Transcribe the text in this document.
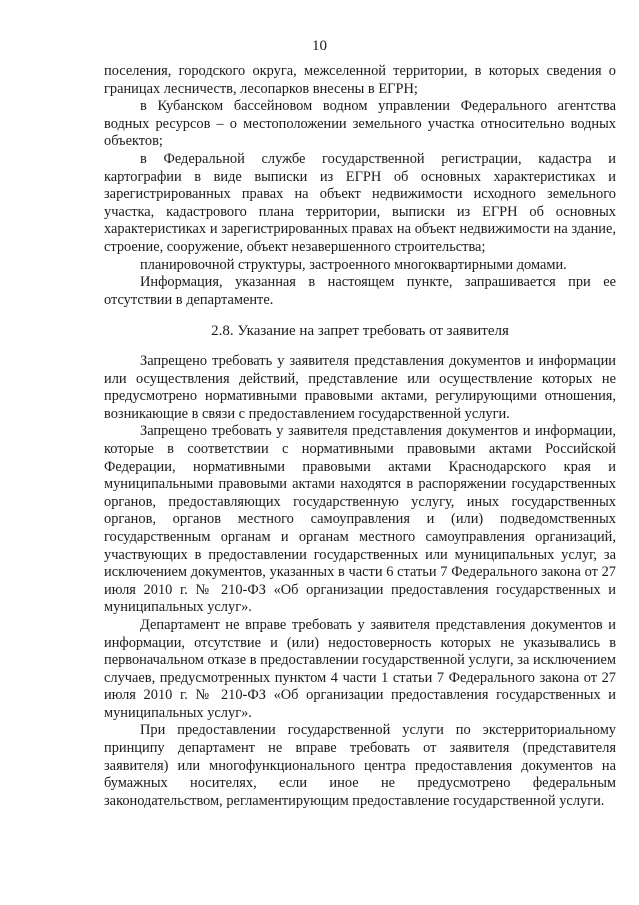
10

поселения, городского округа, межселенной территории, в которых сведения о границах лесничеств, лесопарков внесены в ЕГРН;

в Кубанском бассейновом водном управлении Федерального агентства водных ресурсов – о местоположении земельного участка относительно водных объектов;

в Федеральной службе государственной регистрации, кадастра и картографии в виде выписки из ЕГРН об основных характеристиках и зарегистрированных правах на объект недвижимости исходного земельного участка, кадастрового плана территории, выписки из ЕГРН об основных характеристиках и зарегистрированных правах на объект недвижимости на здание, строение, сооружение, объект незавершенного строительства;

планировочной структуры, застроенного многоквартирными домами.

Информация, указанная в настоящем пункте, запрашивается при ее отсутствии в департаменте.

2.8. Указание на запрет требовать от заявителя

Запрещено требовать у заявителя представления документов и информации или осуществления действий, представление или осуществление которых не предусмотрено нормативными правовыми актами, регулирующими отношения, возникающие в связи с предоставлением государственной услуги.

Запрещено требовать у заявителя представления документов и информации, которые в соответствии с нормативными правовыми актами Российской Федерации, нормативными правовыми актами Краснодарского края и муниципальными правовыми актами находятся в распоряжении государственных органов, предоставляющих государственную услугу, иных государственных органов, органов местного самоуправления и (или) подведомственных государственным органам и органам местного самоуправления организаций, участвующих в предоставлении государственных или муниципальных услуг, за исключением документов, указанных в части 6 статьи 7 Федерального закона от 27 июля 2010 г. № 210-ФЗ «Об организации предоставления государственных и муниципальных услуг».

Департамент не вправе требовать у заявителя представления документов и информации, отсутствие и (или) недостоверность которых не указывались в первоначальном отказе в предоставлении государственной услуги, за исключением случаев, предусмотренных пунктом 4 части 1 статьи 7 Федерального закона от 27 июля 2010 г. № 210-ФЗ «Об организации предоставления государственных и муниципальных услуг».

При предоставлении государственной услуги по экстерриториальному принципу департамент не вправе требовать от заявителя (представителя заявителя) или многофункционального центра предоставления документов на бумажных носителях, если иное не предусмотрено федеральным законодательством, регламентирующим предоставление государственной услуги.
